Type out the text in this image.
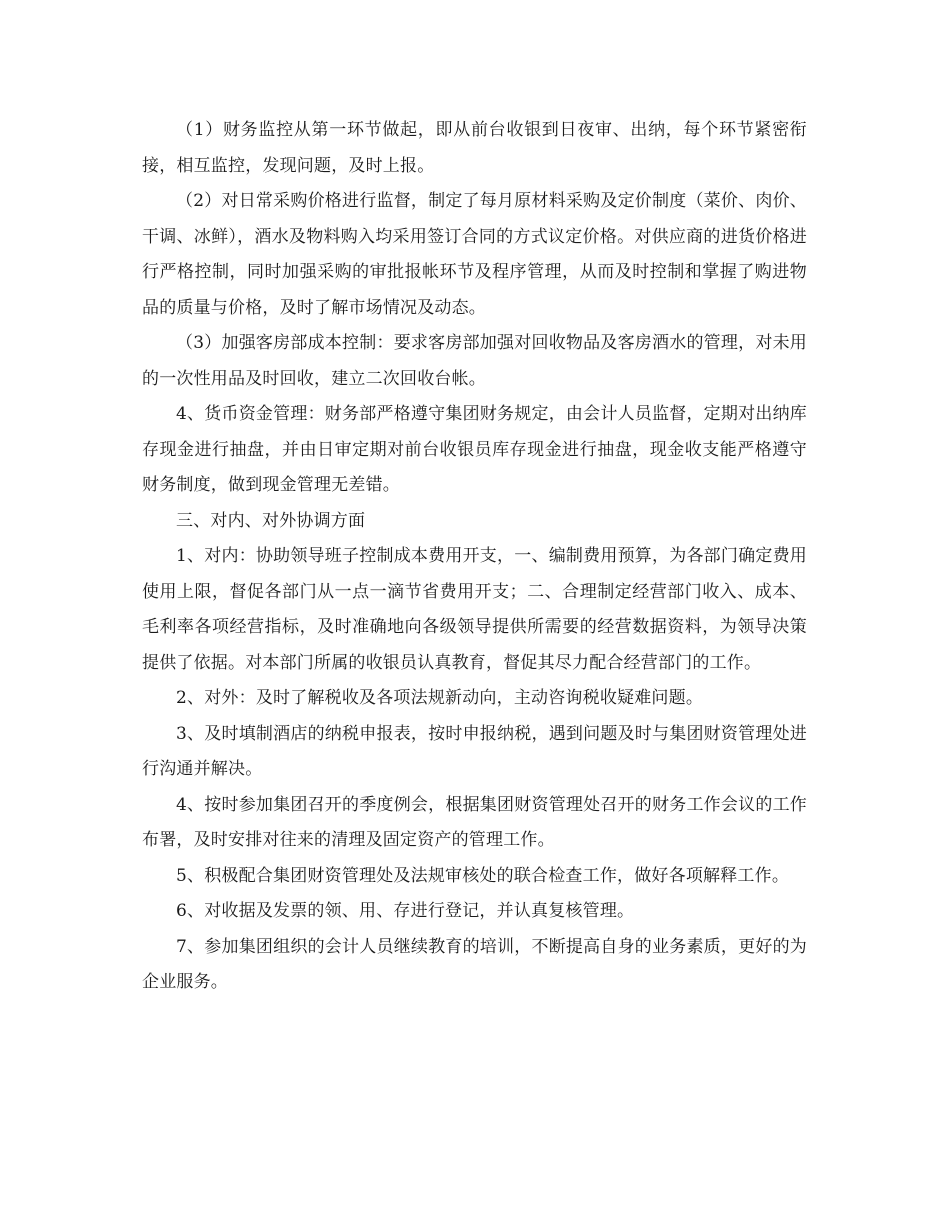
（1）财务监控从第一环节做起，即从前台收银到日夜审、出纳，每个环节紧密衔接，相互监控，发现问题，及时上报。

（2）对日常采购价格进行监督，制定了每月原材料采购及定价制度（菜价、肉价、干调、冰鲜），酒水及物料购入均采用签订合同的方式议定价格。对供应商的进货价格进行严格控制，同时加强采购的审批报帐环节及程序管理，从而及时控制和掌握了购进物品的质量与价格，及时了解市场情况及动态。

（3）加强客房部成本控制：要求客房部加强对回收物品及客房酒水的管理，对未用的一次性用品及时回收，建立二次回收台帐。

4、货币资金管理：财务部严格遵守集团财务规定，由会计人员监督，定期对出纳库存现金进行抽盘，并由日审定期对前台收银员库存现金进行抽盘，现金收支能严格遵守财务制度，做到现金管理无差错。

三、对内、对外协调方面

1、对内：协助领导班子控制成本费用开支，一、编制费用预算，为各部门确定费用使用上限，督促各部门从一点一滴节省费用开支；二、合理制定经营部门收入、成本、毛利率各项经营指标，及时准确地向各级领导提供所需要的经营数据资料，为领导决策提供了依据。对本部门所属的收银员认真教育，督促其尽力配合经营部门的工作。

2、对外：及时了解税收及各项法规新动向，主动咨询税收疑难问题。

3、及时填制酒店的纳税申报表，按时申报纳税，遇到问题及时与集团财资管理处进行沟通并解决。

4、按时参加集团召开的季度例会，根据集团财资管理处召开的财务工作会议的工作布署，及时安排对往来的清理及固定资产的管理工作。

5、积极配合集团财资管理处及法规审核处的联合检查工作，做好各项解释工作。

6、对收据及发票的领、用、存进行登记，并认真复核管理。

7、参加集团组织的会计人员继续教育的培训，不断提高自身的业务素质，更好的为企业服务。
